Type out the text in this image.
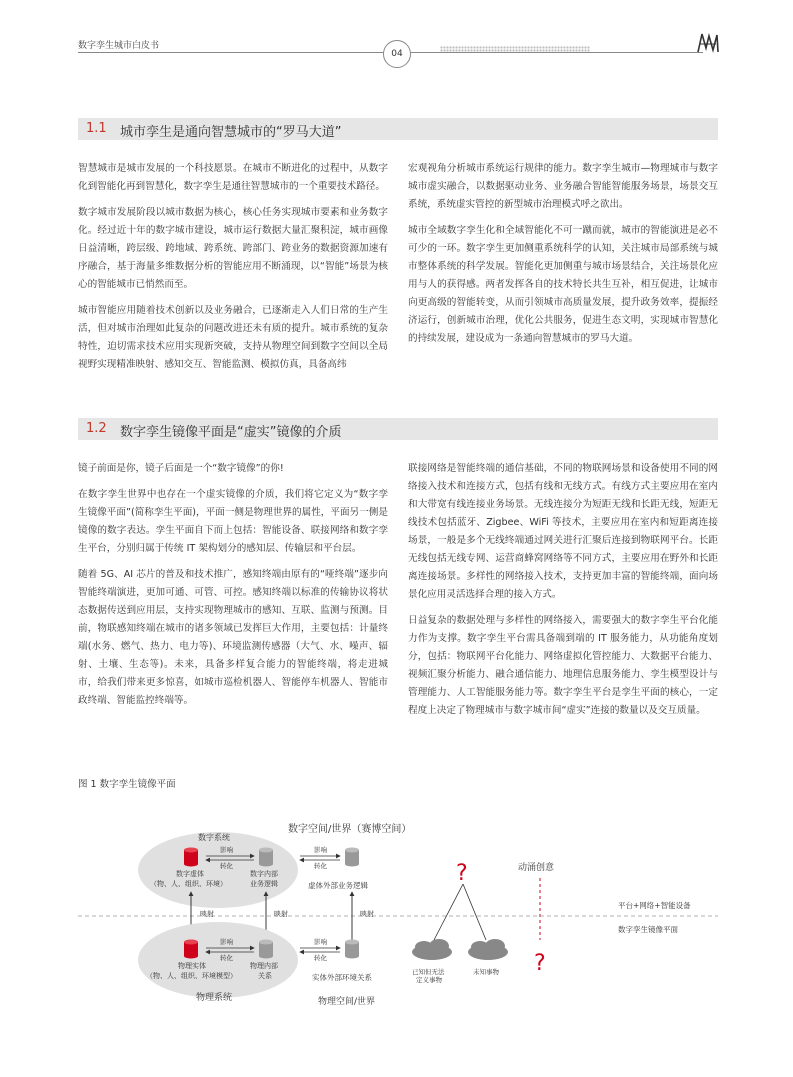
数字孪生城市白皮书
04
1.1 城市孪生是通向智慧城市的“罗马大道”

智慧城市是城市发展的一个科技愿景。在城市不断进化的过程中，从数字化到智能化再到智慧化，数字孪生是通往智慧城市的一个重要技术路径。

数字城市发展阶段以城市数据为核心，核心任务实现城市要素和业务数字化。经过近十年的数字城市建设，城市运行数据大量汇聚积淀，城市画像日益清晰，跨层级、跨地域、跨系统、跨部门、跨业务的数据资源加速有序融合，基于海量多维数据分析的智能应用不断涌现，以“智能”场景为核心的智能城市已悄然而至。

城市智能应用随着技术创新以及业务融合，已逐渐走入人们日常的生产生活，但对城市治理如此复杂的问题改进还未有质的提升。城市系统的复杂特性，迫切需求技术应用实现新突破，支持从物理空间到数字空间以全局视野实现精准映射、感知交互、智能监测、模拟仿真，具备高纬

宏观视角分析城市系统运行规律的能力。数字孪生城市—物理城市与数字城市虚实融合，以数据驱动业务、业务融合智能智能服务场景，场景交互系统，系统虚实管控的新型城市治理模式呼之欲出。

城市全域数字孪生化和全域智能化不可一蹴而就，城市的智能演进是必不可少的一环。数字孪生更加侧重系统科学的认知，关注城市局部系统与城市整体系统的科学发展。智能化更加侧重与城市场景结合，关注场景化应用与人的获得感。两者发挥各自的技术特长共生互补，相互促进，让城市向更高级的智能转变，从而引领城市高质量发展，提升政务效率，提振经济运行，创新城市治理，优化公共服务，促进生态文明，实现城市智慧化的持续发展，建设成为一条通向智慧城市的罗马大道。

1.2 数字孪生镜像平面是“虚实”镜像的介质

镜子前面是你，镜子后面是一个“数字镜像”的你!

在数字孪生世界中也存在一个虚实镜像的介质，我们将它定义为“数字孪生镜像平面”(简称孪生平面)，平面一侧是物理世界的属性，平面另一侧是镜像的数字表达。孪生平面自下而上包括：智能设备、联接网络和数字孪生平台，分别归属于传统 IT 架构划分的感知层、传输层和平台层。

随着 5G、AI 芯片的普及和技术推广，感知终端由原有的“哑终端”逐步向智能终端演进，更加可通、可管、可控。感知终端以标准的传输协议将状态数据传送到应用层，支持实现物理城市的感知、互联、监测与预测。目前，物联感知终端在城市的诸多领域已发挥巨大作用，主要包括：计量终端(水务、燃气、热力、电力等)、环境监测传感器（大气、水、噪声、辐射、土壤、生态等)。未来，具备多样复合能力的智能终端，将走进城市，给我们带来更多惊喜，如城市巡检机器人、智能停车机器人、智能市政终端、智能监控终端等。

联接网络是智能终端的通信基础，不同的物联网场景和设备使用不同的网络接入技术和连接方式，包括有线和无线方式。有线方式主要应用在室内和大带宽有线连接业务场景。无线连接分为短距无线和长距无线，短距无线技术包括蓝牙、Zigbee、WiFi 等技术，主要应用在室内和短距离连接场景，一般是多个无线终端通过网关进行汇聚后连接到物联网平台。长距无线包括无线专网、运营商蜂窝网络等不同方式，主要应用在野外和长距离连接场景。多样性的网络接入技术，支持更加丰富的智能终端，面向场景化应用灵活选择合理的接入方式。

日益复杂的数据处理与多样性的网络接入，需要强大的数字孪生平台化能力作为支撑。数字孪生平台需具备端到端的 IT 服务能力，从功能角度划分，包括：物联网平台化能力、网络虚拟化管控能力、大数据平台能力、视频汇聚分析能力、融合通信能力、地理信息服务能力、孪生模型设计与管理能力、人工智能服务能力等。数字孪生平台是孪生平面的核心，一定程度上决定了物理城市与数字城市间“虚实”连接的数量以及交互质量。

图 1 数字孪生镜像平面
数字空间/世界（赛博空间）
数字系统
数字虚体
（物、人、组织、环境）
数字内部
业务逻辑
影响
转化
影响
转化
虚体外部业务逻辑	?	动涌创意
平台+网络+智能设备
数字孪生镜像平面
映射	映射	映射
物理实体
（物、人、组织、环境模型）
物理内部
关系
影响
转化
物理系统
影响
转化
实体外部环境关系
物理空间/世界
已知但无法
定义事物
未知事物 ?
